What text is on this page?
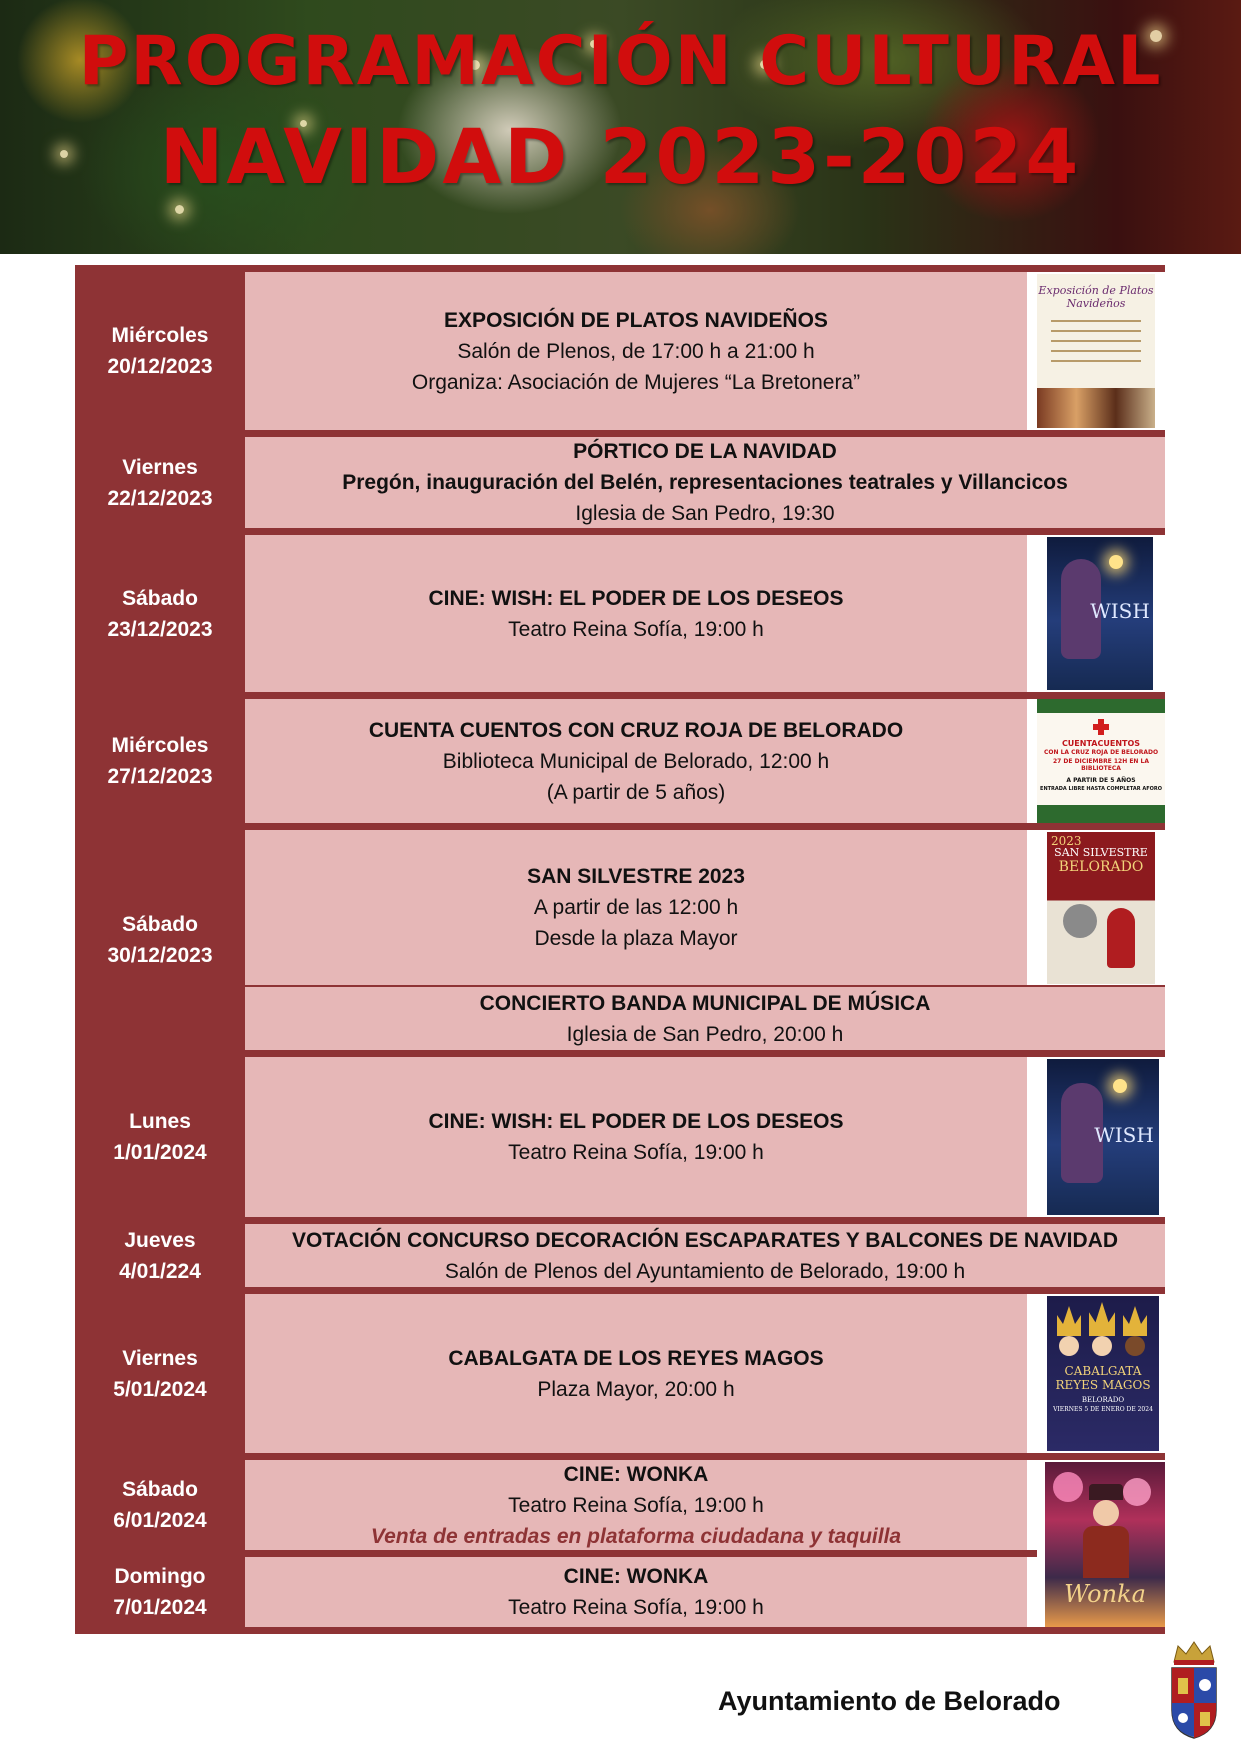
PROGRAMACIÓN CULTURAL
NAVIDAD 2023-2024
Miércoles
20/12/2023
EXPOSICIÓN DE PLATOS NAVIDEÑOS
Salón de Plenos, de 17:00 h a 21:00 h
Organiza: Asociación de Mujeres “La Bretonera”
Exposición de Platos Navideños
Viernes
22/12/2023
PÓRTICO DE LA NAVIDAD
Pregón, inauguración del Belén, representaciones teatrales y Villancicos
Iglesia de San Pedro, 19:30
Sábado
23/12/2023
CINE: WISH: EL PODER DE LOS DESEOS
Teatro Reina Sofía, 19:00 h
WISH
Miércoles
27/12/2023
CUENTA CUENTOS CON CRUZ ROJA DE BELORADO
Biblioteca Municipal de Belorado, 12:00 h
(A partir de 5 años)
CUENTACUENTOS
CON LA CRUZ ROJA DE BELORADO
27 DE DICIEMBRE 12H EN LA BIBLIOTECA
A PARTIR DE 5 AÑOS
ENTRADA LIBRE HASTA COMPLETAR AFORO
Sábado
30/12/2023
SAN SILVESTRE 2023
A partir de las 12:00 h
Desde la plaza Mayor
CONCIERTO BANDA MUNICIPAL DE MÚSICA
Iglesia de San Pedro, 20:00 h
2023
SAN SILVESTRE
BELORADO
Lunes
1/01/2024
CINE: WISH: EL PODER DE LOS DESEOS
Teatro Reina Sofía, 19:00 h
WISH
Jueves
4/01/224
VOTACIÓN CONCURSO DECORACIÓN ESCAPARATES Y BALCONES DE NAVIDAD
Salón de Plenos del Ayuntamiento de Belorado, 19:00 h
Viernes
5/01/2024
CABALGATA DE LOS REYES MAGOS
Plaza Mayor, 20:00 h
CABALGATA
REYES MAGOS
BELORADO
VIERNES 5 DE ENERO DE 2024
Sábado
6/01/2024
CINE: WONKA
Teatro Reina Sofía, 19:00 h
Venta de entradas en plataforma ciudadana y taquilla
Domingo
7/01/2024
CINE: WONKA
Teatro Reina Sofía, 19:00 h	Wonka
Ayuntamiento de Belorado
